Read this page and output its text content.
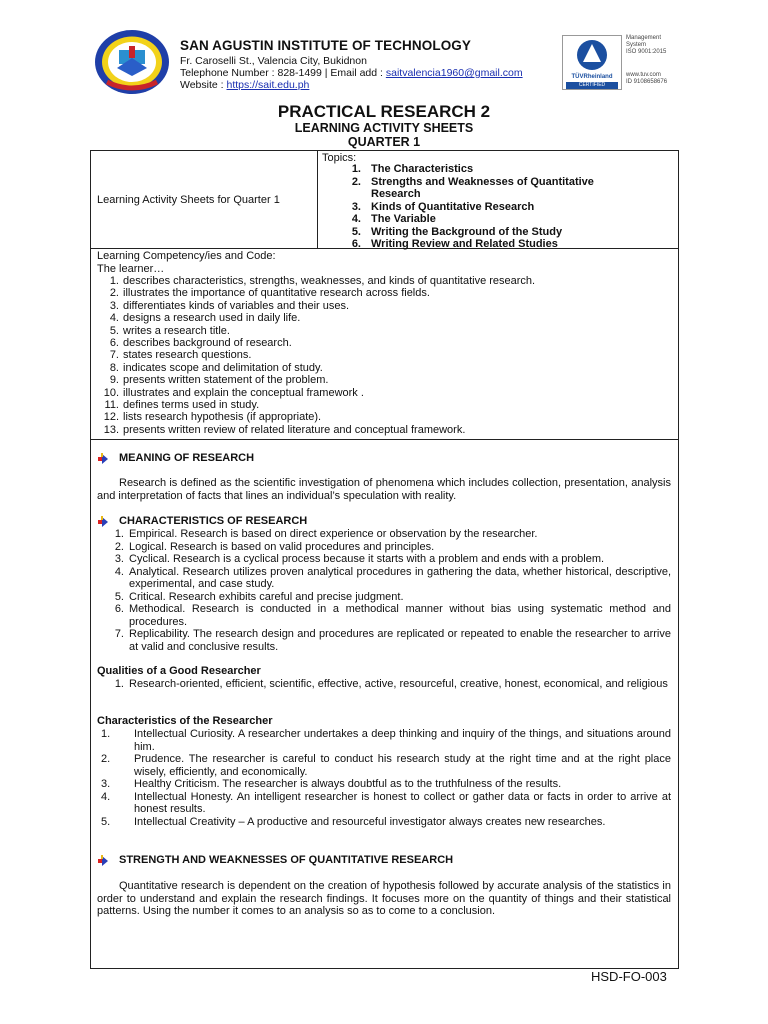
SAN AGUSTIN INSTITUTE OF TECHNOLOGY
Fr. Caroselli St., Valencia City, Bukidnon
Telephone Number : 828-1499 | Email add : saitvalencia1960@gmail.com
Website : https://sait.edu.ph
TÜVRheinland
CERTIFIED
Management
System
ISO 9001:2015
www.tuv.com
ID 9108658676
PRACTICAL RESEARCH 2
LEARNING ACTIVITY SHEETS
QUARTER 1
Learning Activity Sheets for Quarter 1
Topics:
1. The Characteristics
2. Strengths and Weaknesses of Quantitative
Research
3. Kinds of Quantitative Research
4. The Variable
5. Writing the Background of the Study
6. Writing Review and Related Studies
Learning Competency/ies and Code:
The learner…
1. describes characteristics, strengths, weaknesses, and kinds of quantitative research.
2. illustrates the importance of quantitative research across fields.
3. differentiates kinds of variables and their uses.
4. designs a research used in daily life.
5. writes a research title.
6. describes background of research.
7. states research questions.
8. indicates scope and delimitation of study.
9. presents written statement of the problem.
10. illustrates and explain the conceptual framework .
11. defines terms used in study.
12. lists research hypothesis (if appropriate).
13. presents written review of related literature and conceptual framework.
MEANING OF RESEARCH
Research is defined as the scientific investigation of phenomena which includes collection, presentation, analysis and interpretation of facts that lines an individual’s speculation with reality.
CHARACTERISTICS OF RESEARCH
1. Empirical. Research is based on direct experience or observation by the researcher.
2. Logical. Research is based on valid procedures and principles.
3. Cyclical. Research is a cyclical process because it starts with a problem and ends with a problem.
4. Analytical. Research utilizes proven analytical procedures in gathering the data, whether historical, descriptive, experimental, and case study.
5. Critical. Research exhibits careful and precise judgment.
6. Methodical. Research is conducted in a methodical manner without bias using systematic method and procedures.
7. Replicability. The research design and procedures are replicated or repeated to enable the researcher to arrive at valid and conclusive results.
Qualities of a Good Researcher
1. Research-oriented, efficient, scientific, effective, active, resourceful, creative, honest, economical, and religious
Characteristics of the Researcher
1.	Intellectual Curiosity. A researcher undertakes a deep thinking and inquiry of the things, and situations around him.
2.	Prudence. The researcher is careful to conduct his research study at the right time and at the right place wisely, efficiently, and economically.
3.	Healthy Criticism. The researcher is always doubtful as to the truthfulness of the results.
4.	Intellectual Honesty. An intelligent researcher is honest to collect or gather data or facts in order to arrive at honest results.
5.	Intellectual Creativity – A productive and resourceful investigator always creates new researches.
STRENGTH AND WEAKNESSES OF QUANTITATIVE RESEARCH
Quantitative research is dependent on the creation of hypothesis followed by accurate analysis of the statistics in order to understand and explain the research findings. It focuses more on the quantity of things and their statistical patterns. Using the number it comes to an analysis so as to come to a conclusion.
HSD-FO-003
